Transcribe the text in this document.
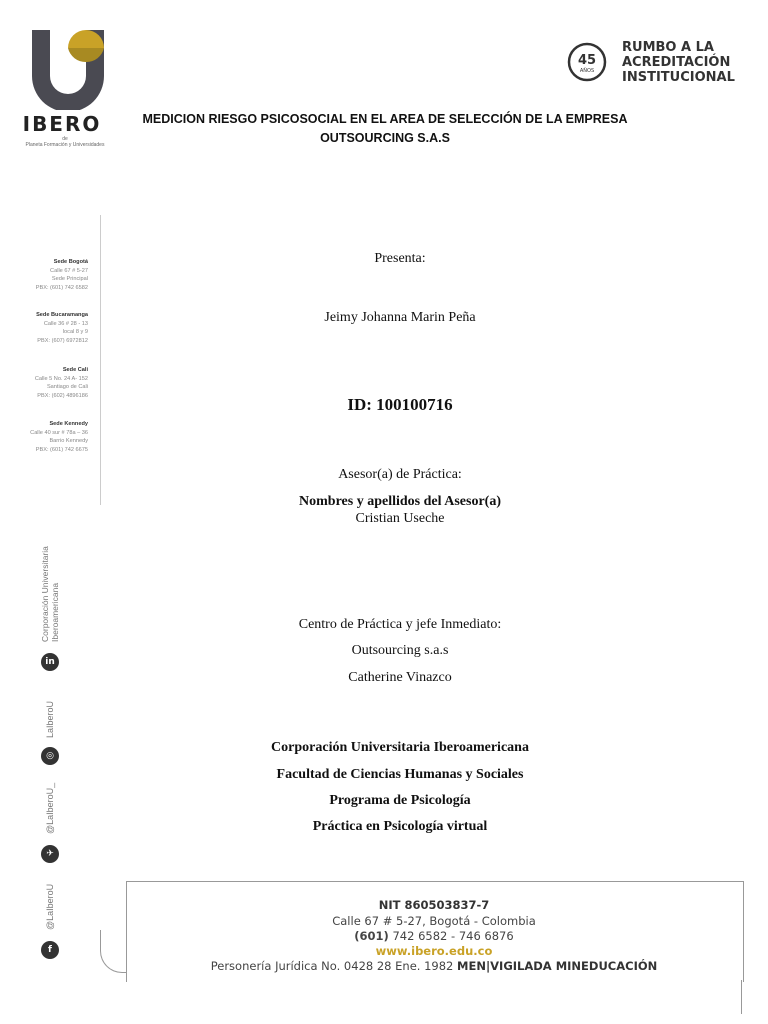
IBERO
de
Planeta Formación y Universidades
45
AÑOS
RUMBO A LA
ACREDITACIÓN
INSTITUCIONAL
MEDICION RIESGO PSICOSOCIAL EN EL AREA DE SELECCIÓN DE LA EMPRESA
OUTSOURCING S.A.S
Sede Bogotá
Calle 67 # 5-27
Sede Principal
PBX: (601) 742 6582
Sede Bucaramanga
Calle 36 # 28 - 13
local 8 y 9
PBX: (607) 6972812
Sede Cali
Calle 5 No. 24 A- 152
Santiago de Cali
PBX: (602) 4896186
Sede Kennedy
Calle 40 sur # 78a – 36
Barrio Kennedy
PBX: (601) 742 6675
Corporación Universitaria Iberoamericana
in
LaIberoU
◎
@LaIberoU_
✈
@LaIberoU
f
Presenta:
Jeimy Johanna Marin Peña
ID: 100100716
Asesor(a) de Práctica:
Nombres y apellidos del Asesor(a)
Cristian Useche
Centro de Práctica y jefe Inmediato:
Outsourcing s.a.s
Catherine Vinazco
Corporación Universitaria Iberoamericana
Facultad de Ciencias Humanas y Sociales
Programa de Psicología
Práctica en Psicología virtual
NIT 860503837-7
Calle 67 # 5-27, Bogotá - Colombia
(601) 742 6582 - 746 6876
www.ibero.edu.co
Personería Jurídica No. 0428 28 Ene. 1982 MEN|VIGILADA MINEDUCACIÓN
